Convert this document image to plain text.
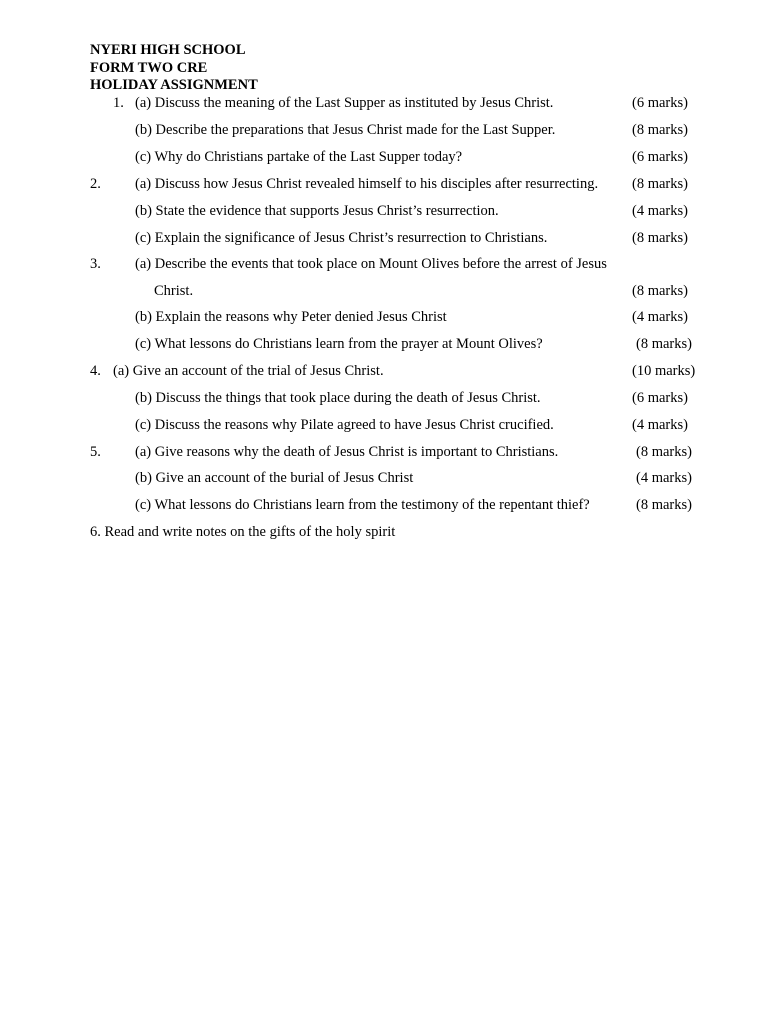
NYERI HIGH SCHOOL
FORM TWO CRE
HOLIDAY ASSIGNMENT
1. (a) Discuss the meaning of the Last Supper as instituted by Jesus Christ.	(6 marks)
(b) Describe the preparations that Jesus Christ made for the Last Supper.	(8 marks)
(c) Why do Christians partake of the Last Supper today?	(6 marks)
2. (a) Discuss how Jesus Christ revealed himself to his disciples after resurrecting. (8 marks)
(b) State the evidence that supports Jesus Christ’s resurrection.	(4 marks)
(c) Explain the significance of Jesus Christ’s resurrection to Christians.	(8 marks)
3. (a) Describe the events that took place on Mount Olives before the arrest of Jesus
Christ.	(8 marks)
(b) Explain the reasons why Peter denied Jesus Christ	(4 marks)
(c) What lessons do Christians learn from the prayer at Mount Olives?	(8 marks)
4. (a) Give an account of the trial of Jesus Christ.	(10 marks)
(b) Discuss the things that took place during the death of Jesus Christ.	(6 marks)
(c) Discuss the reasons why Pilate agreed to have Jesus Christ crucified.	(4 marks)
5. (a) Give reasons why the death of Jesus Christ is important to Christians.	(8 marks)
(b) Give an account of the burial of Jesus Christ	(4 marks)
(c) What lessons do Christians learn from the testimony of the repentant thief?	(8 marks)
6. Read and write notes on the gifts of the holy spirit
